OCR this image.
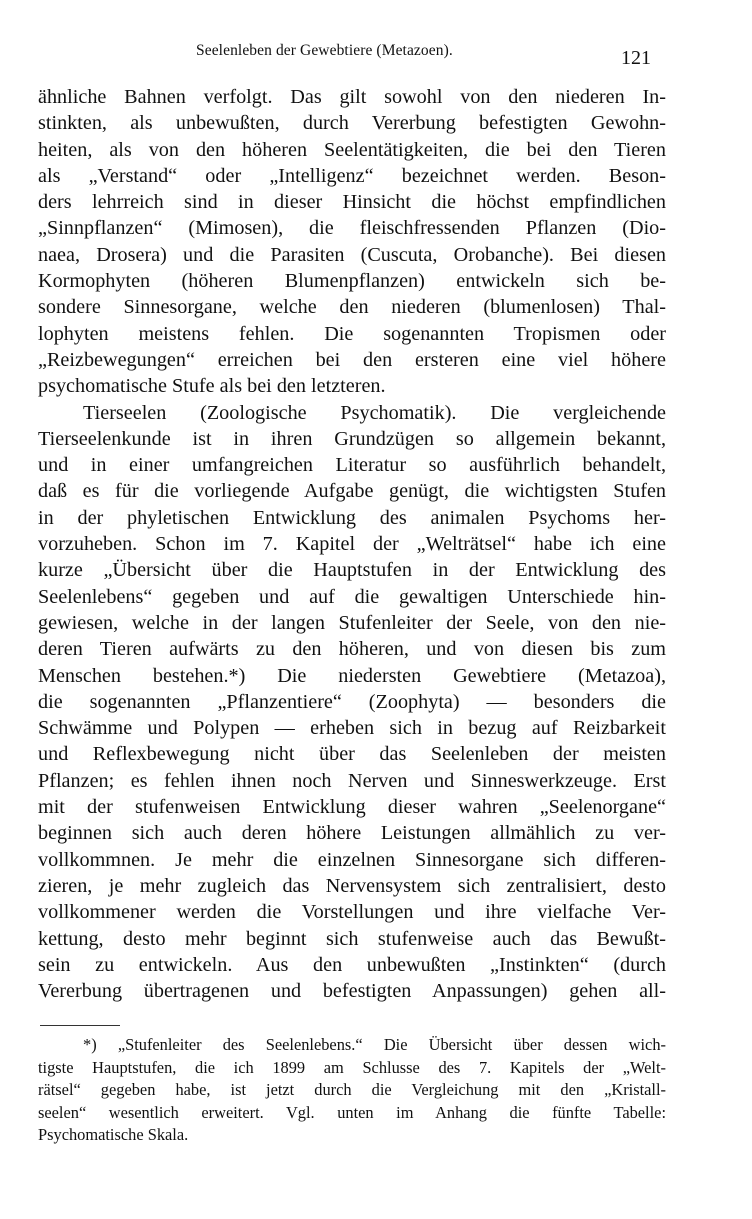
Seelenleben der Gewebtiere (Metazoen).	121
ähnliche Bahnen verfolgt. Das gilt sowohl von den niederen In-
stinkten, als unbewußten, durch Vererbung befestigten Gewohn-
heiten, als von den höheren Seelentätigkeiten, die bei den Tieren
als „Verstand“ oder „Intelligenz“ bezeichnet werden. Beson-
ders lehrreich sind in dieser Hinsicht die höchst empfindlichen
„Sinnpflanzen“ (Mimosen), die fleischfressenden Pflanzen (Dio-
naea, Drosera) und die Parasiten (Cuscuta, Orobanche). Bei diesen
Kormophyten (höheren Blumenpflanzen) entwickeln sich be-
sondere Sinnesorgane, welche den niederen (blumenlosen) Thal-
lophyten meistens fehlen. Die sogenannten Tropismen oder
„Reizbewegungen“ erreichen bei den ersteren eine viel höhere
psychomatische Stufe als bei den letzteren.
Tierseelen (Zoologische Psychomatik). Die vergleichende
Tierseelenkunde ist in ihren Grundzügen so allgemein bekannt,
und in einer umfangreichen Literatur so ausführlich behandelt,
daß es für die vorliegende Aufgabe genügt, die wichtigsten Stufen
in der phyletischen Entwicklung des animalen Psychoms her-
vorzuheben. Schon im 7. Kapitel der „Welträtsel“ habe ich eine
kurze „Übersicht über die Hauptstufen in der Entwicklung des
Seelenlebens“ gegeben und auf die gewaltigen Unterschiede hin-
gewiesen, welche in der langen Stufenleiter der Seele, von den nie-
deren Tieren aufwärts zu den höheren, und von diesen bis zum
Menschen bestehen.*) Die niedersten Gewebtiere (Metazoa),
die sogenannten „Pflanzentiere“ (Zoophyta) — besonders die
Schwämme und Polypen — erheben sich in bezug auf Reizbarkeit
und Reflexbewegung nicht über das Seelenleben der meisten
Pflanzen; es fehlen ihnen noch Nerven und Sinneswerkzeuge. Erst
mit der stufenweisen Entwicklung dieser wahren „Seelenorgane“
beginnen sich auch deren höhere Leistungen allmählich zu ver-
vollkommnen. Je mehr die einzelnen Sinnesorgane sich differen-
zieren, je mehr zugleich das Nervensystem sich zentralisiert, desto
vollkommener werden die Vorstellungen und ihre vielfache Ver-
kettung, desto mehr beginnt sich stufenweise auch das Bewußt-
sein zu entwickeln. Aus den unbewußten „Instinkten“ (durch
Vererbung übertragenen und befestigten Anpassungen) gehen all-
*) „Stufenleiter des Seelenlebens.“ Die Übersicht über dessen wich-
tigste Hauptstufen, die ich 1899 am Schlusse des 7. Kapitels der „Welt-
rätsel“ gegeben habe, ist jetzt durch die Vergleichung mit den „Kristall-
seelen“ wesentlich erweitert. Vgl. unten im Anhang die fünfte Tabelle:
Psychomatische Skala.
